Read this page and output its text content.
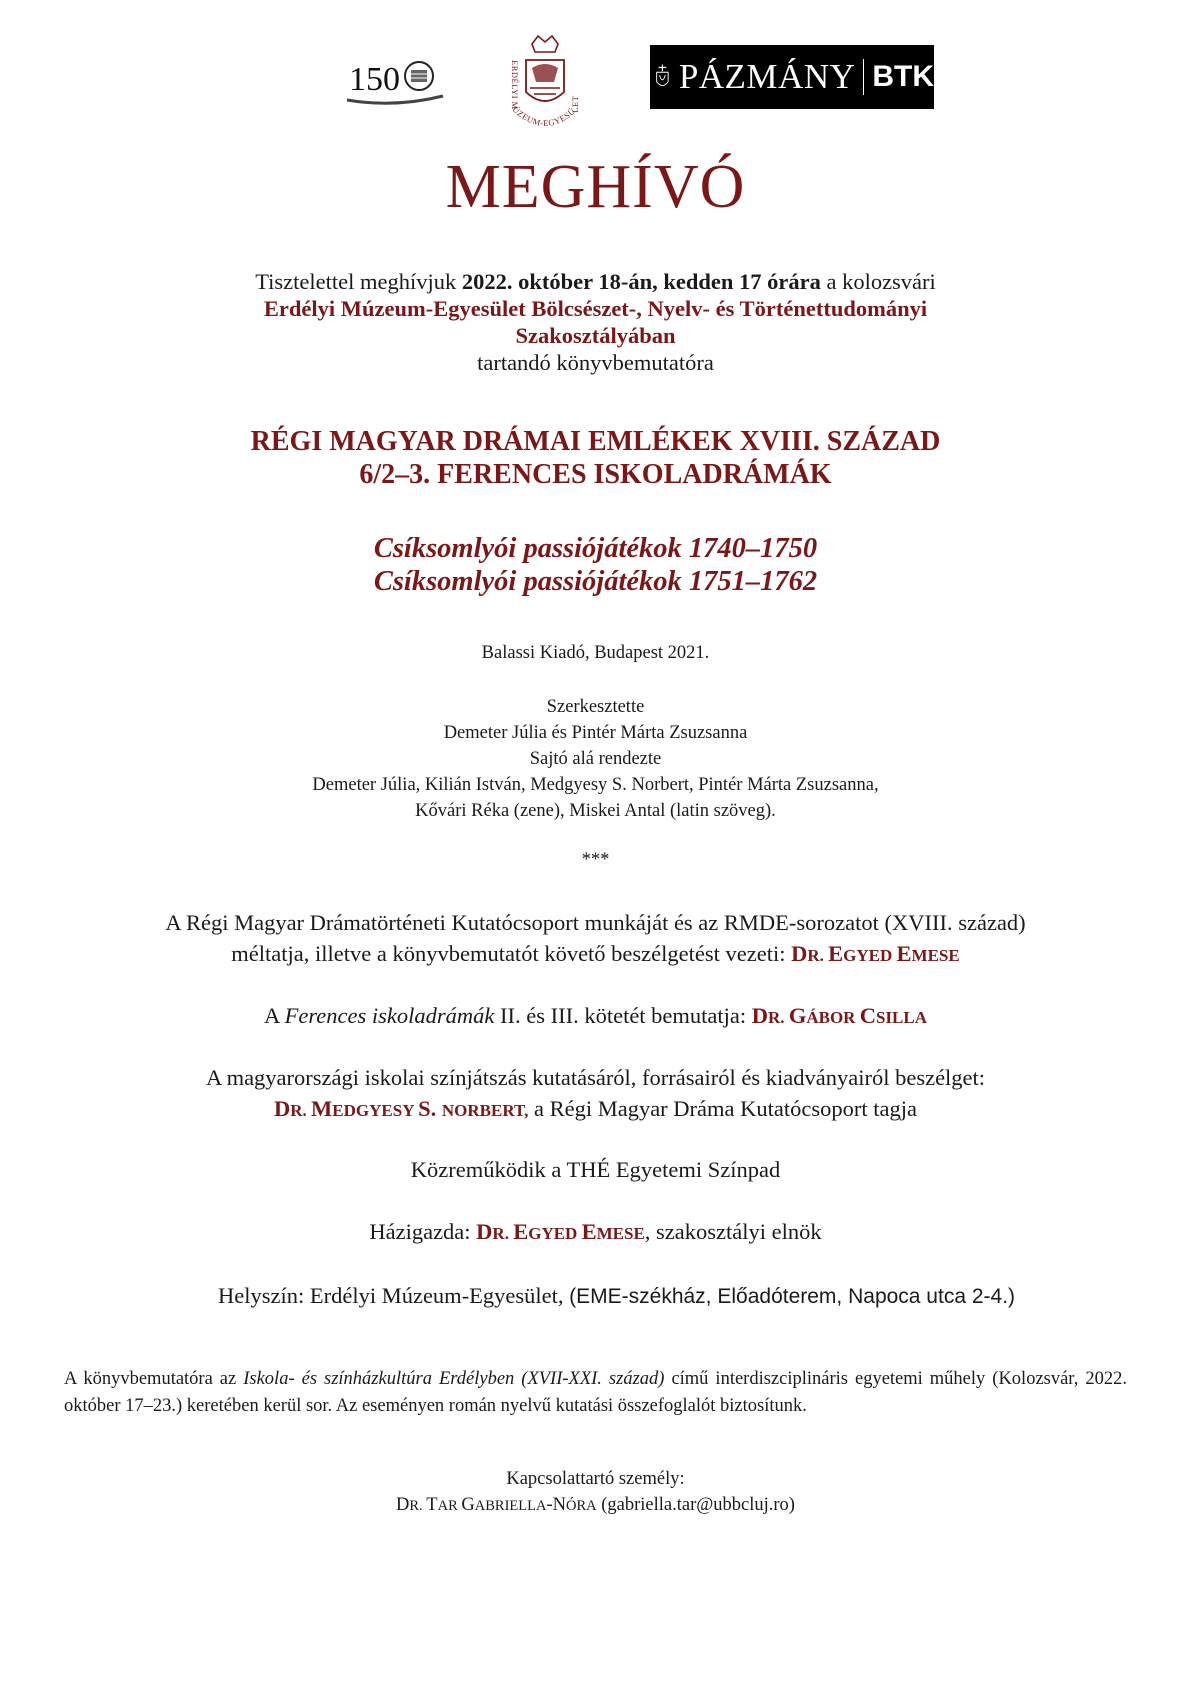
150	ERDÉLYI MÚZEUM-EGYESÜLET
PÁZMÁNY BTK
MEGHÍVÓ
Tisztelettel meghívjuk 2022. október 18-án, kedden 17 órára a kolozsvári
Erdélyi Múzeum-Egyesület Bölcsészet-, Nyelv- és Történettudományi
Szakosztályában
tartandó könyvbemutatóra
RÉGI MAGYAR DRÁMAI EMLÉKEK XVIII. SZÁZAD
6/2–3. FERENCES ISKOLADRÁMÁK
Csíksomlyói passiójátékok 1740–1750
Csíksomlyói passiójátékok 1751–1762
Balassi Kiadó, Budapest 2021.
Szerkesztette
Demeter Júlia és Pintér Márta Zsuzsanna
Sajtó alá rendezte
Demeter Júlia, Kilián István, Medgyesy S. Norbert, Pintér Márta Zsuzsanna,
Kővári Réka (zene), Miskei Antal (latin szöveg).
***
A Régi Magyar Drámatörténeti Kutatócsoport munkáját és az RMDE-sorozatot (XVIII. század)
méltatja, illetve a könyvbemutatót követő beszélgetést vezeti: DR. EGYED EMESE
A Ferences iskoladrámák II. és III. kötetét bemutatja: DR. GÁBOR CSILLA
A magyarországi iskolai színjátszás kutatásáról, forrásairól és kiadványairól beszélget:
DR. MEDGYESY S. NORBERT, a Régi Magyar Dráma Kutatócsoport tagja
Közreműködik a THÉ Egyetemi Színpad
Házigazda: DR. EGYED EMESE, szakosztályi elnök
Helyszín: Erdélyi Múzeum-Egyesület, (EME-székház, Előadóterem, Napoca utca 2-4.)
A könyvbemutatóra az Iskola- és színházkultúra Erdélyben (XVII-XXI. század) című interdiszciplináris egyetemi műhely (Kolozsvár, 2022. október 17–23.) keretében kerül sor. Az eseményen román nyelvű kutatási összefoglalót biztosítunk.
Kapcsolattartó személy:
DR. TAR GABRIELLA-NÓRA (gabriella.tar@ubbcluj.ro)
